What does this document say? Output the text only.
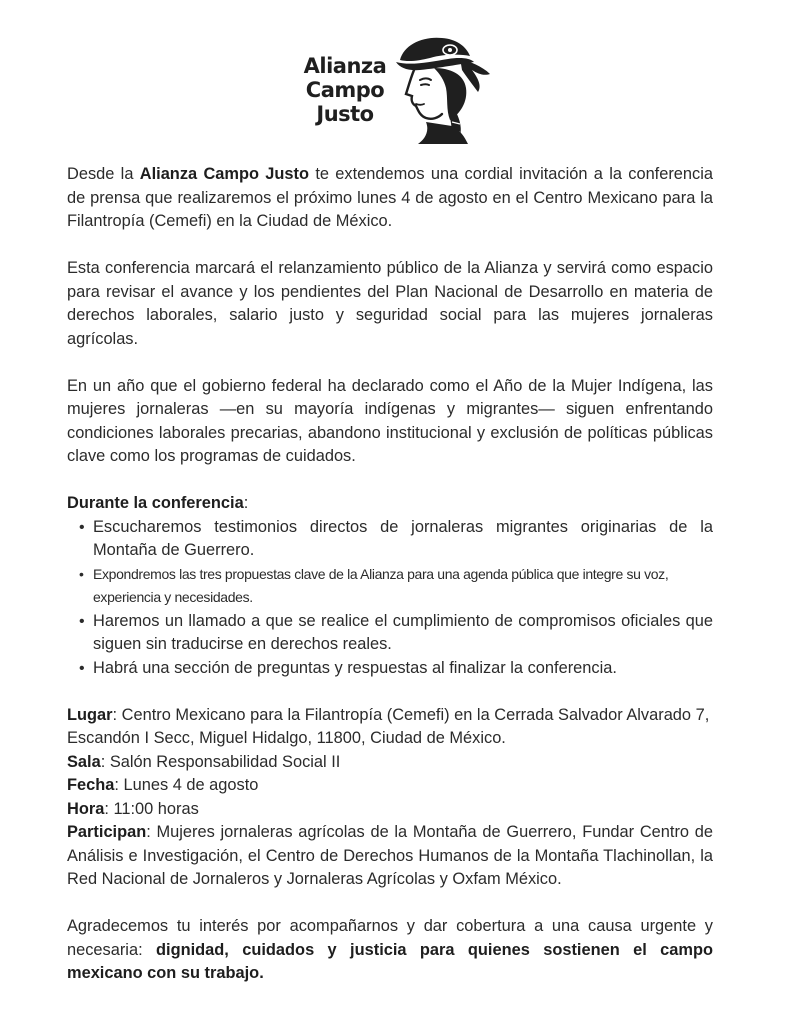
Alianza
Campo
Justo

Desde la Alianza Campo Justo te extendemos una cordial invitación a la conferencia de prensa que realizaremos el próximo lunes 4 de agosto en el Centro Mexicano para la Filantropía (Cemefi) en la Ciudad de México.

Esta conferencia marcará el relanzamiento público de la Alianza y servirá como espacio para revisar el avance y los pendientes del Plan Nacional de Desarrollo en materia de derechos laborales, salario justo y seguridad social para las mujeres jornaleras agrícolas.

En un año que el gobierno federal ha declarado como el Año de la Mujer Indígena, las mujeres jornaleras —en su mayoría indígenas y migrantes— siguen enfrentando condiciones laborales precarias, abandono institucional y exclusión de políticas públicas clave como los programas de cuidados.

Durante la conferencia:

• Escucharemos testimonios directos de jornaleras migrantes originarias de la Montaña de Guerrero.
• Expondremos las tres propuestas clave de la Alianza para una agenda pública que integre su voz, experiencia y necesidades.
• Haremos un llamado a que se realice el cumplimiento de compromisos oficiales que siguen sin traducirse en derechos reales.
• Habrá una sección de preguntas y respuestas al finalizar la conferencia.

Lugar: Centro Mexicano para la Filantropía (Cemefi) en la Cerrada Salvador Alvarado 7, Escandón I Secc, Miguel Hidalgo, 11800, Ciudad de México.

Sala: Salón Responsabilidad Social II

Fecha: Lunes 4 de agosto

Hora: 11:00 horas

Participan: Mujeres jornaleras agrícolas de la Montaña de Guerrero, Fundar Centro de Análisis e Investigación, el Centro de Derechos Humanos de la Montaña Tlachinollan, la Red Nacional de Jornaleros y Jornaleras Agrícolas y Oxfam México.

Agradecemos tu interés por acompañarnos y dar cobertura a una causa urgente y necesaria: dignidad, cuidados y justicia para quienes sostienen el campo mexicano con su trabajo.
